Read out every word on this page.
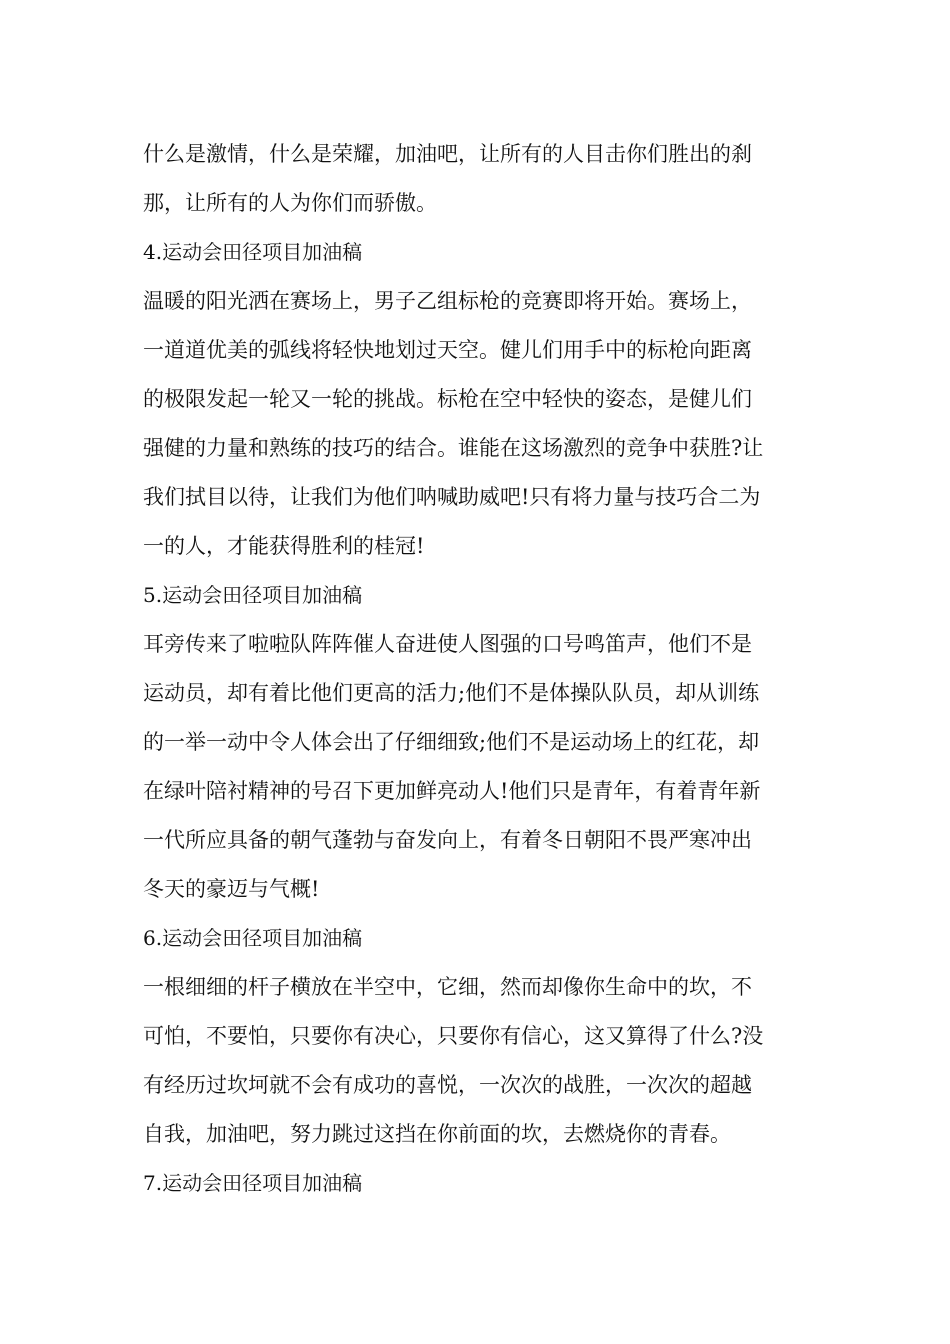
什么是激情，什么是荣耀，加油吧，让所有的人目击你们胜出的刹
那，让所有的人为你们而骄傲。
4.运动会田径项目加油稿
温暖的阳光洒在赛场上，男子乙组标枪的竞赛即将开始。赛场上，
一道道优美的弧线将轻快地划过天空。健儿们用手中的标枪向距离
的极限发起一轮又一轮的挑战。标枪在空中轻快的姿态，是健儿们
强健的力量和熟练的技巧的结合。谁能在这场激烈的竞争中获胜?让
我们拭目以待，让我们为他们呐喊助威吧!只有将力量与技巧合二为
一的人，才能获得胜利的桂冠!
5.运动会田径项目加油稿
耳旁传来了啦啦队阵阵催人奋进使人图强的口号鸣笛声，他们不是
运动员，却有着比他们更高的活力;他们不是体操队队员，却从训练
的一举一动中令人体会出了仔细细致;他们不是运动场上的红花，却
在绿叶陪衬精神的号召下更加鲜亮动人!他们只是青年，有着青年新
一代所应具备的朝气蓬勃与奋发向上，有着冬日朝阳不畏严寒冲出
冬天的豪迈与气概!
6.运动会田径项目加油稿
一根细细的杆子横放在半空中，它细，然而却像你生命中的坎，不
可怕，不要怕，只要你有决心，只要你有信心，这又算得了什么?没
有经历过坎坷就不会有成功的喜悦，一次次的战胜，一次次的超越
自我，加油吧，努力跳过这挡在你前面的坎，去燃烧你的青春。
7.运动会田径项目加油稿
